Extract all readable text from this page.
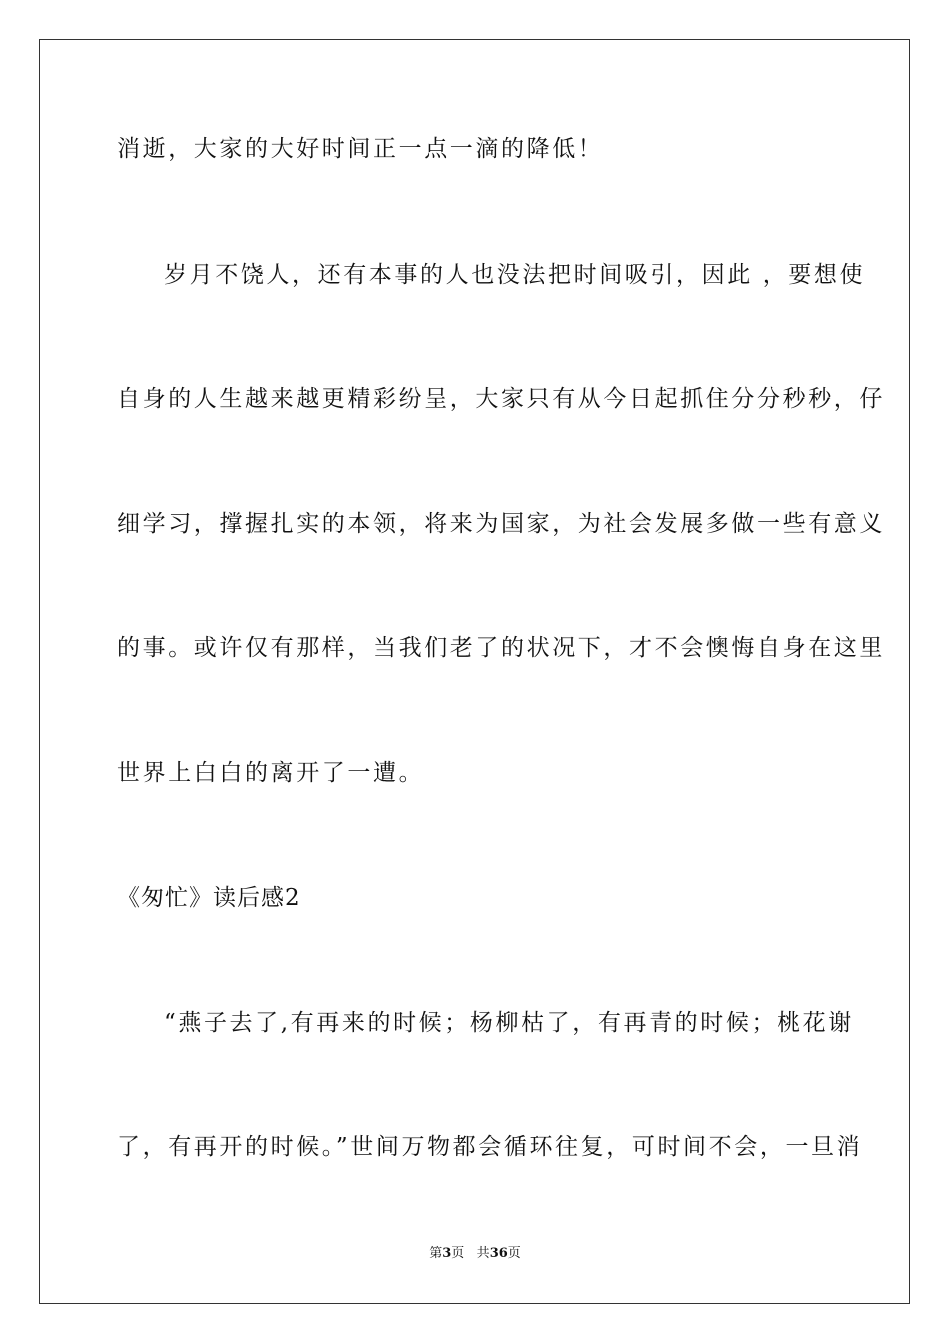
消逝，大家的大好时间正一点一滴的降低！
岁月不饶人，还有本事的人也没法把时间吸引，因此 ，要想使
自身的人生越来越更精彩纷呈，大家只有从今日起抓住分分秒秒，仔
细学习，撑握扎实的本领，将来为国家，为社会发展多做一些有意义
的事。或许仅有那样，当我们老了的状况下，才不会懊悔自身在这里
世界上白白的离开了一遭。
《匆忙》读后感2
“燕子去了,有再来的时候；杨柳枯了，有再青的时候；桃花谢
了，有再开的时候。”世间万物都会循环往复，可时间不会，一旦消
第3页 共36页
